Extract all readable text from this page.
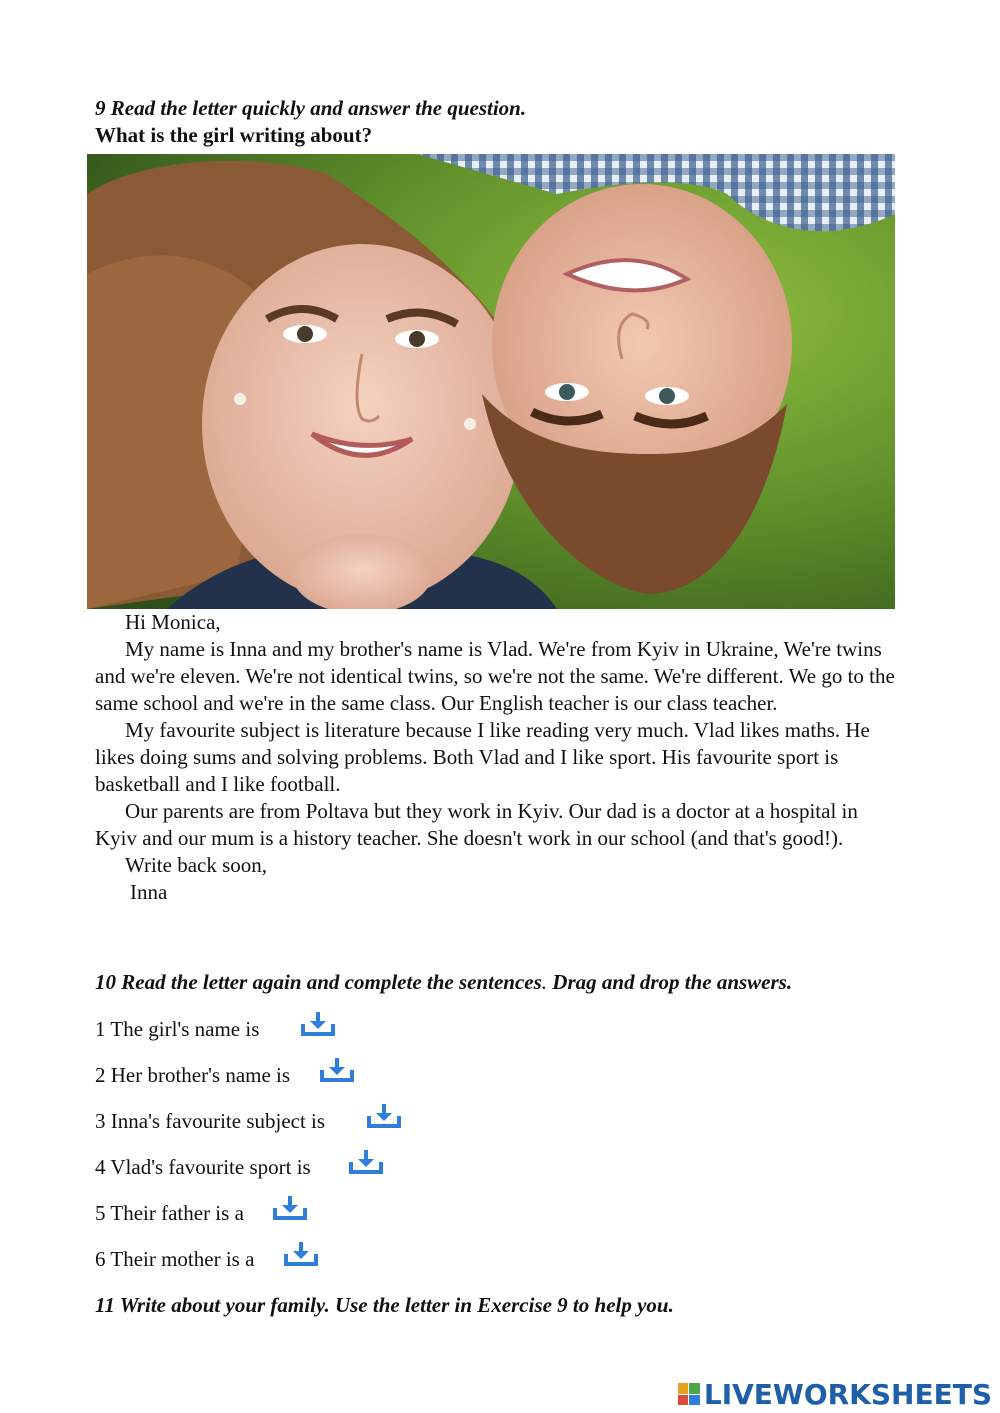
9 Read the letter quickly and answer the question.
What is the girl writing about?

Hi Monica,

My name is Inna and my brother's name is Vlad. We're from Kyiv in Ukraine, We're twins and we're eleven. We're not identical twins, so we're not the same. We're different. We go to the same school and we're in the same class. Our English teacher is our class teacher.

My favourite subject is literature because I like reading very much. Vlad likes maths. He likes doing sums and solving problems. Both Vlad and I like sport. His favourite sport is basketball and I like football.

Our parents are from Poltava but they work in Kyiv. Our dad is a doctor at a hospital in Kyiv and our mum is a history teacher. She doesn't work in our school (and that's good!).

Write back soon,

Inna

10 Read the letter again and complete the sentences. Drag and drop the answers.
1 The girl's name is
2 Her brother's name is
3 Inna's favourite subject is
4 Vlad's favourite sport is
5 Their father is a
6 Their mother is a
11 Write about your family. Use the letter in Exercise 9 to help you.
LIVEWORKSHEETS
